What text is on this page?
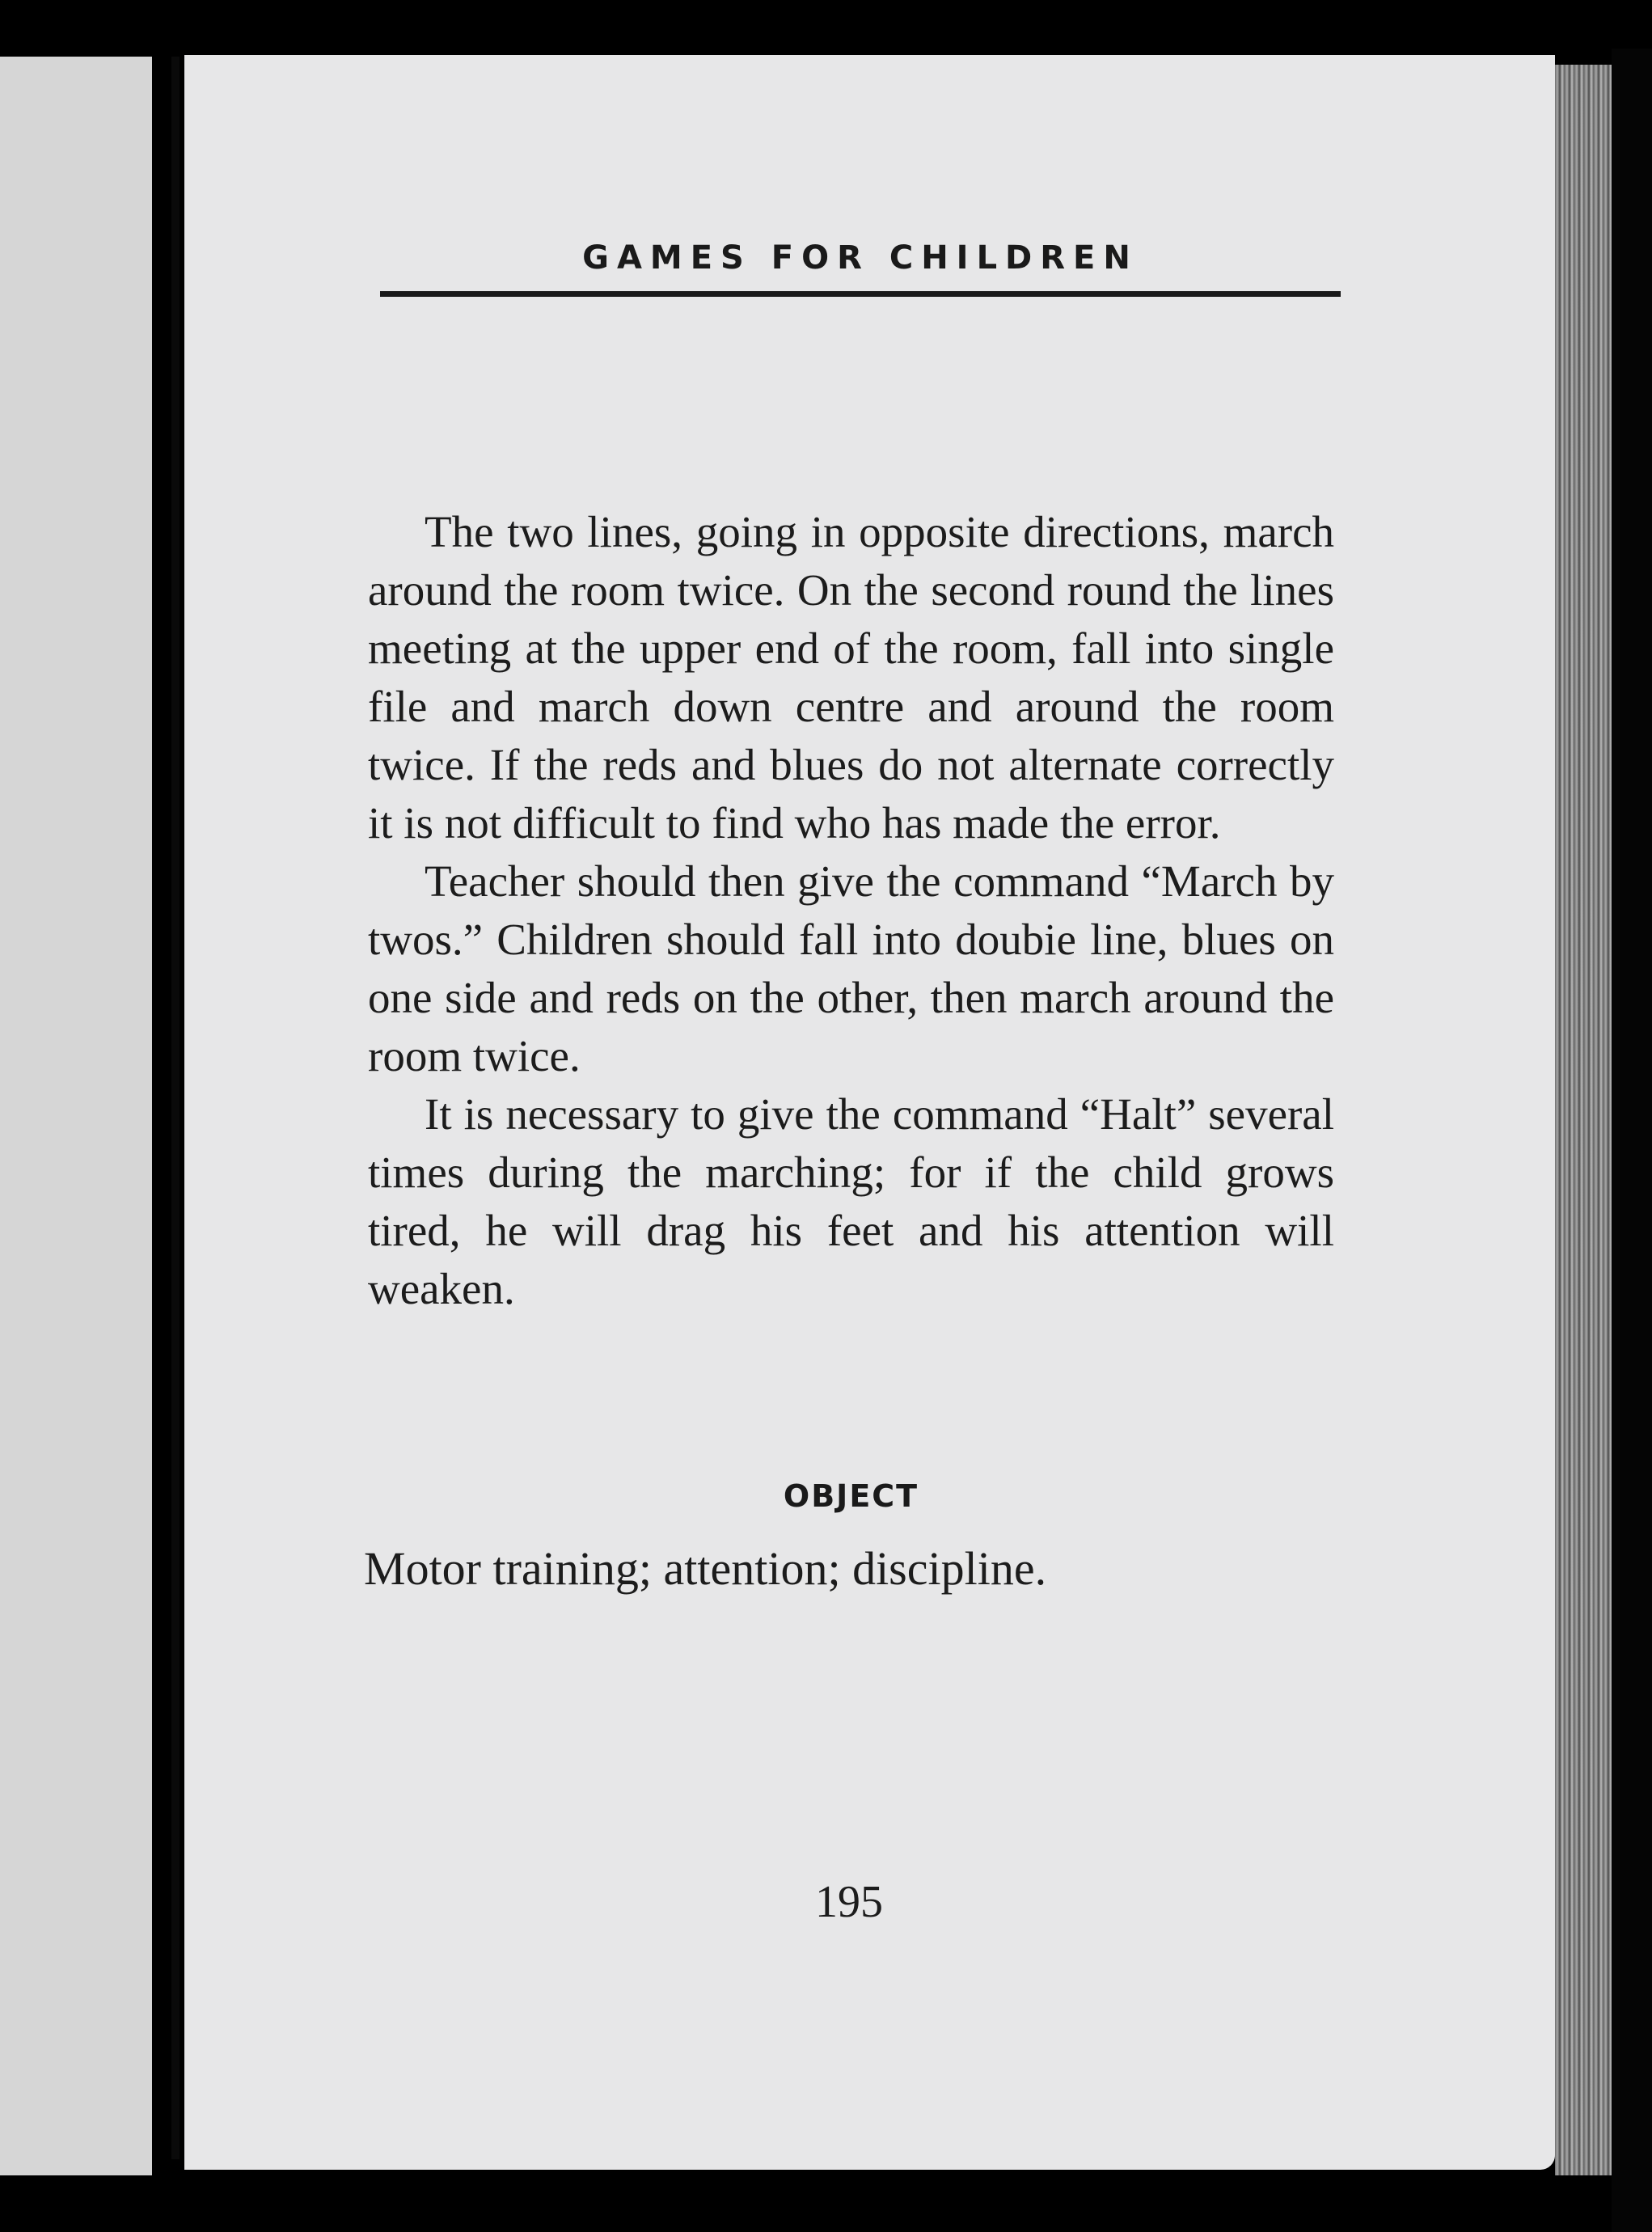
GAMES FOR CHILDREN

The two lines, going in opposite directions, march around the room twice. On the second round the lines meeting at the upper end of the room, fall into single file and march down centre and around the room twice. If the reds and blues do not alternate correctly it is not difficult to find who has made the error.

Teacher should then give the command “March by twos.” Children should fall into doubie line, blues on one side and reds on the other, then march around the room twice.

It is necessary to give the command “Halt” several times during the marching; for if the child grows tired, he will drag his feet and his attention will weaken.

OBJECT
Motor training; attention; discipline.
195
